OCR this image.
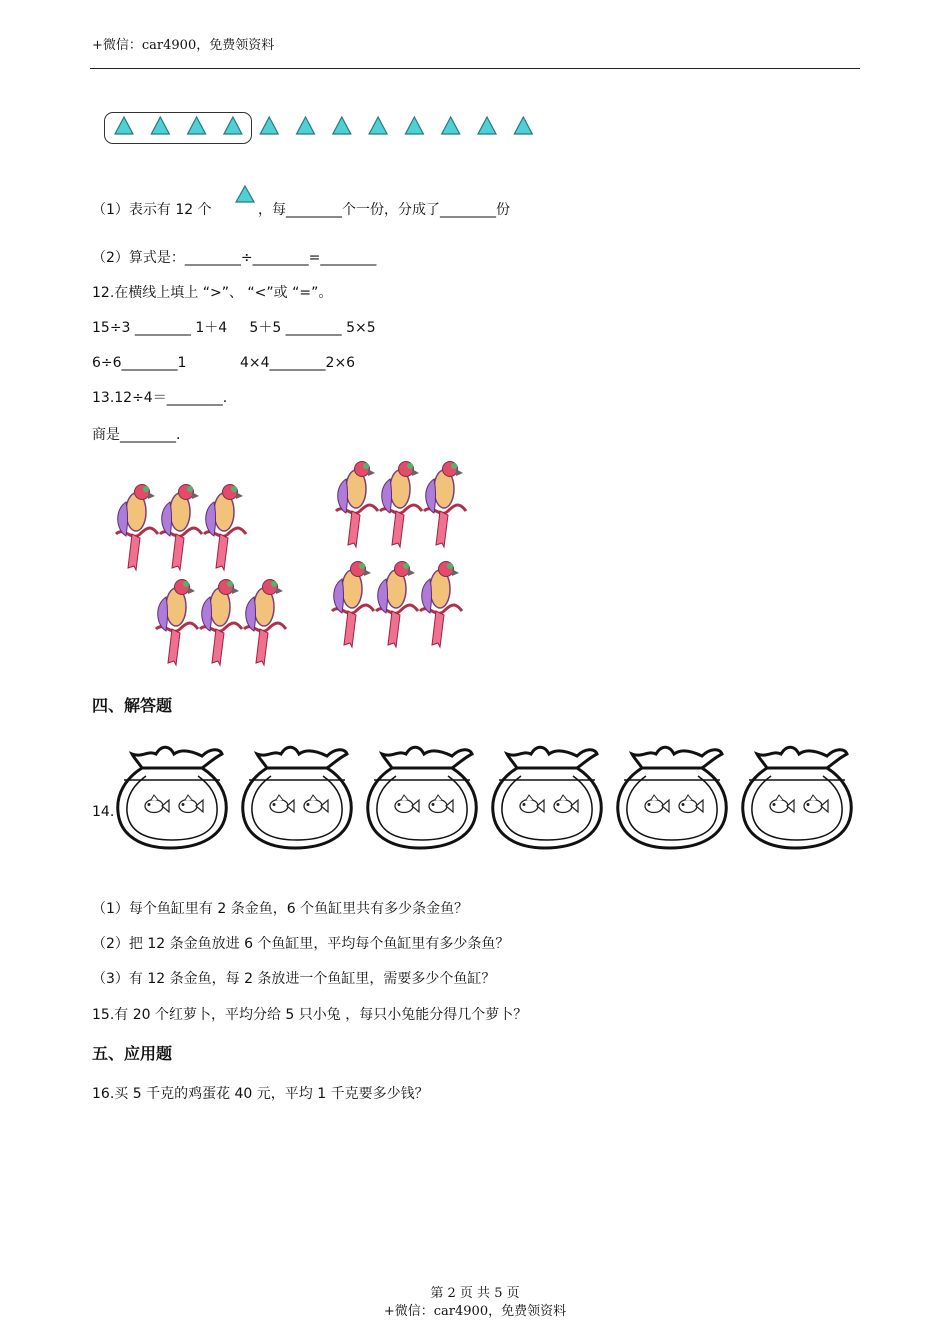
+微信：car4900，免费领资料
（1）表示有 12 个	，每________个一份，分成了________份
（2）算式是：________÷________=________
12.在横线上填上 “>”、 “<”或 “=”。
15÷3 ________ 1＋4     5＋5 ________ 5×5
6÷6________1	4×4________2×6
13.12÷4＝________.
商是________.
四、解答题
14.
（1）每个鱼缸里有 2 条金鱼，6 个鱼缸里共有多少条金鱼？
（2）把 12 条金鱼放进 6 个鱼缸里，平均每个鱼缸里有多少条鱼？
（3）有 12 条金鱼，每 2 条放进一个鱼缸里，需要多少个鱼缸？
15.有 20 个红萝卜，平均分给 5 只小兔 ，每只小兔能分得几个萝卜？
五、应用题
16.买 5 千克的鸡蛋花 40 元，平均 1 千克要多少钱？
第 2 页 共 5 页
+微信：car4900，免费领资料
